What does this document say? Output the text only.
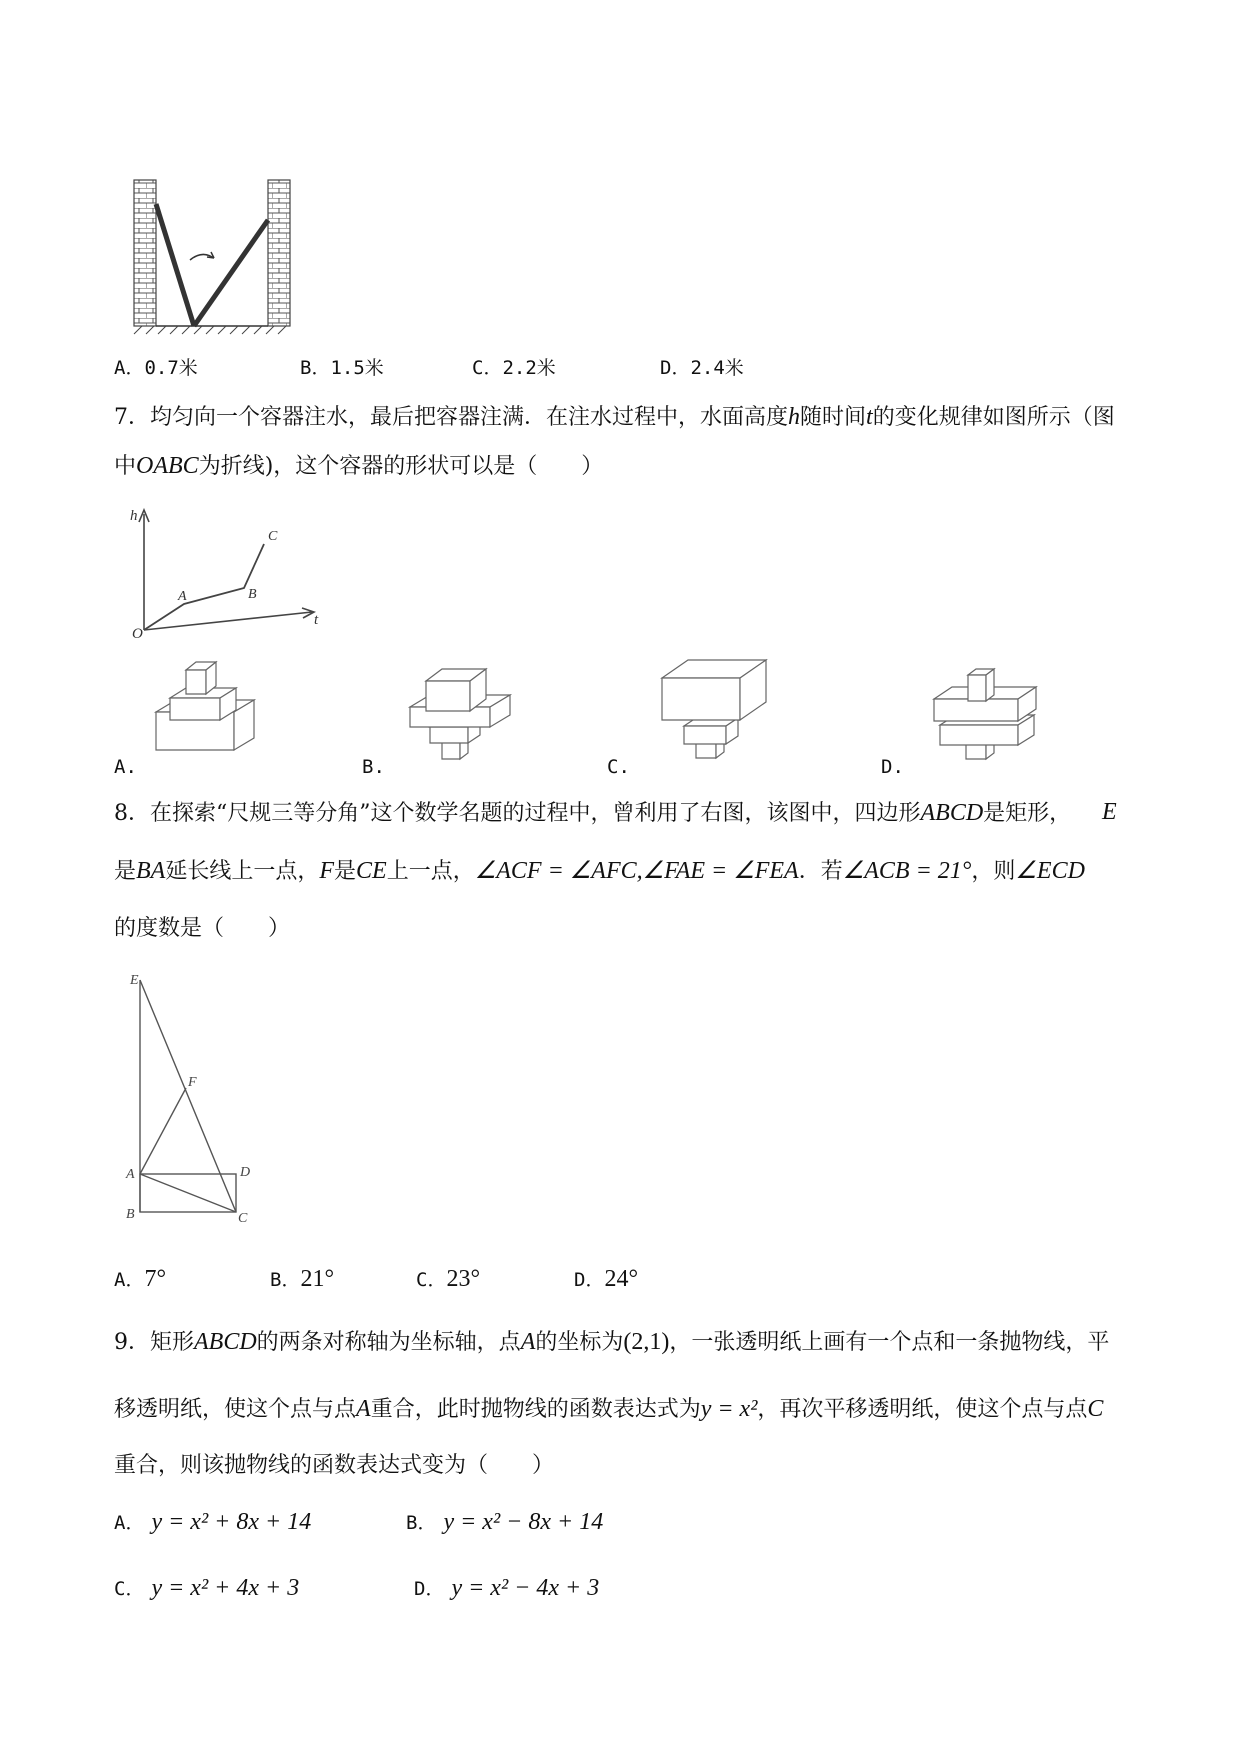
A．0.7米	B．1.5米	C．2.2米	D．2.4米
7．均匀向一个容器注水，最后把容器注满．在注水过程中，水面高度h随时间t的变化规律如图所示（图
中OABC为折线)，这个容器的形状可以是（　　）
h
t
O
A	B
C
A.	B.	C.	D.
8．在探索“尺规三等分角”这个数学名题的过程中，曾利用了右图，该图中，四边形ABCD是矩形， E
是BA延长线上一点，F是CE上一点，∠ACF = ∠AFC,∠FAE = ∠FEA．若∠ACB = 21°，则∠ECD
的度数是（　　）
E
F
A	D
B	C
A．7°	B．21°	C．23°	D．24°
9．矩形ABCD的两条对称轴为坐标轴，点A的坐标为(2,1)，一张透明纸上画有一个点和一条抛物线，平
移透明纸，使这个点与点A重合，此时抛物线的函数表达式为y = x²，再次平移透明纸，使这个点与点C
重合，则该抛物线的函数表达式变为（　　）
A． y = x² + 8x + 14	B． y = x² − 8x + 14
C． y = x² + 4x + 3	D． y = x² − 4x + 3
